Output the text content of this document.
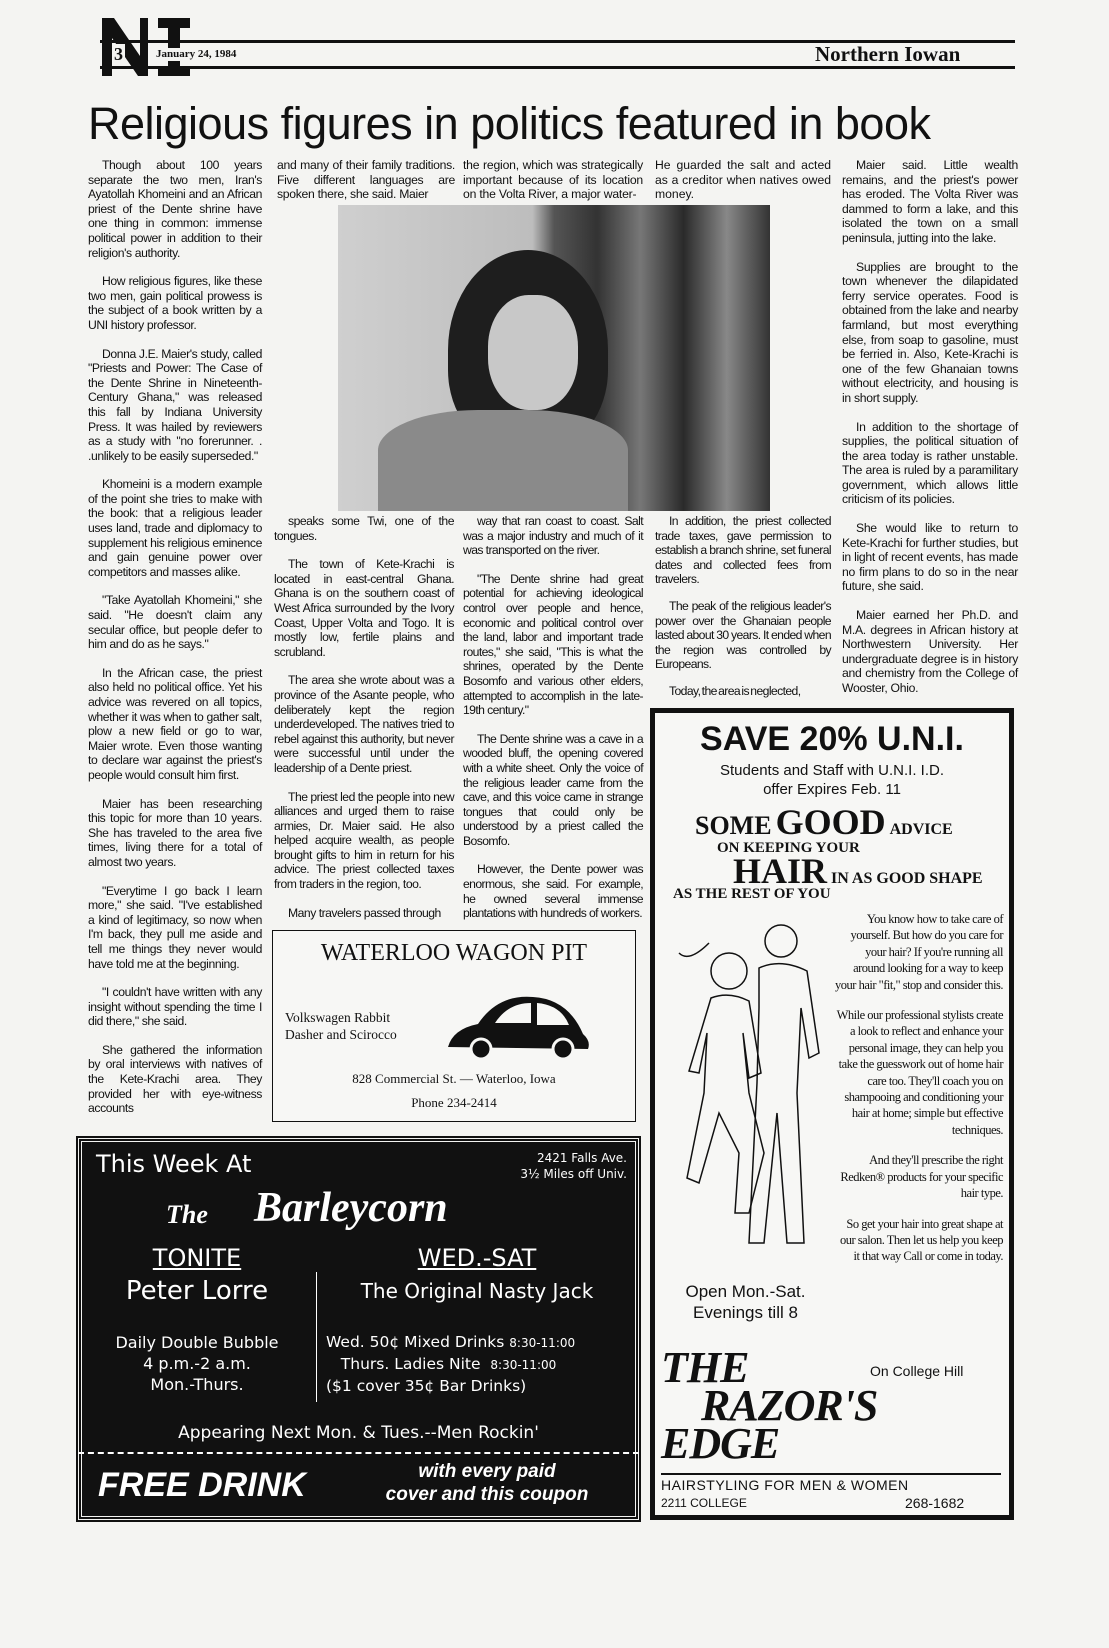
3	January 24, 1984	Northern Iowan
Religious figures in politics featured in book

Though about 100 years separate the two men, Iran's Ayatollah Khomeini and an African priest of the Dente shrine have one thing in common: immense political power in addition to their religion's authority.

How religious figures, like these two men, gain political prowess is the subject of a book written by a UNI history professor.

Donna J.E. Maier's study, called "Priests and Power: The Case of the Dente Shrine in Nineteenth-Century Ghana," was released this fall by Indiana University Press. It was hailed by reviewers as a study with "no forerunner. . .unlikely to be easily superseded."

Khomeini is a modern example of the point she tries to make with the book: that a religious leader uses land, trade and diplomacy to supplement his religious eminence and gain genuine power over competitors and masses alike.

"Take Ayatollah Khomeini," she said. "He doesn't claim any secular office, but people defer to him and do as he says."

In the African case, the priest also held no political office. Yet his advice was revered on all topics, whether it was when to gather salt, plow a new field or go to war, Maier wrote. Even those wanting to declare war against the priest's people would consult him first.

Maier has been researching this topic for more than 10 years. She has traveled to the area five times, living there for a total of almost two years.

"Everytime I go back I learn more," she said. "I've established a kind of legitimacy, so now when I'm back, they pull me aside and tell me things they never would have told me at the beginning.

"I couldn't have written with any insight without spending the time I did there," she said.

She gathered the information by oral interviews with natives of the Kete-Krachi area. They provided her with eye-witness accounts

and many of their family traditions. Five different languages are spoken there, she said. Maier

the region, which was strategically important because of its location on the Volta River, a major water-

He guarded the salt and acted as a creditor when natives owed money.

Maier said. Little wealth remains, and the priest's power has eroded. The Volta River was dammed to form a lake, and this isolated the town on a small peninsula, jutting into the lake.

Supplies are brought to the town whenever the dilapidated ferry service operates. Food is obtained from the lake and nearby farmland, but most everything else, from soap to gasoline, must be ferried in. Also, Kete-Krachi is one of the few Ghanaian towns without electricity, and housing is in short supply.

In addition to the shortage of supplies, the political situation of the area today is rather unstable. The area is ruled by a paramilitary government, which allows little criticism of its policies.

She would like to return to Kete-Krachi for further studies, but in light of recent events, has made no firm plans to do so in the near future, she said.

Maier earned her Ph.D. and M.A. degrees in African history at Northwestern University. Her undergraduate degree is in history and chemistry from the College of Wooster, Ohio.

speaks some Twi, one of the tongues.

The town of Kete-Krachi is located in east-central Ghana. Ghana is on the southern coast of West Africa surrounded by the Ivory Coast, Upper Volta and Togo. It is mostly low, fertile plains and scrubland.

The area she wrote about was a province of the Asante people, who deliberately kept the region underdeveloped. The natives tried to rebel against this authority, but never were successful until under the leadership of a Dente priest.

The priest led the people into new alliances and urged them to raise armies, Dr. Maier said. He also helped acquire wealth, as people brought gifts to him in return for his advice. The priest collected taxes from traders in the region, too.

Many travelers passed through

way that ran coast to coast. Salt was a major industry and much of it was transported on the river.

"The Dente shrine had great potential for achieving ideological control over people and hence, economic and political control over the land, labor and important trade routes," she said, "This is what the shrines, operated by the Dente Bosomfo and various other elders, attempted to accomplish in the late-19th century."

The Dente shrine was a cave in a wooded bluff, the opening covered with a white sheet. Only the voice of the religious leader came from the cave, and this voice came in strange tongues that could only be understood by a priest called the Bosomfo.

However, the Dente power was enormous, she said. For example, he owned several immense plantations with hundreds of workers.

In addition, the priest collected trade taxes, gave permission to establish a branch shrine, set funeral dates and collected fees from travelers.

The peak of the religious leader's power over the Ghanaian people lasted about 30 years. It ended when the region was controlled by Europeans.

Today, the area is neglected,

WATERLOO WAGON PIT
Volkswagen Rabbit
Dasher and Scirocco
828 Commercial St. — Waterloo, Iowa
Phone 234-2414
This Week At	2421 Falls Ave.
3½ Miles off Univ.
The Barleycorn
TONITE
Peter Lorre
Daily Double Bubble
4 p.m.-2 a.m.
Mon.-Thurs.
WED.-SAT
The Original Nasty Jack
Wed. 50¢ Mixed Drinks 8:30-11:00
Thurs. Ladies Nite 8:30-11:00
($1 cover 35¢ Bar Drinks)
Appearing Next Mon. & Tues.--Men Rockin'
FREE DRINK	with every paid
cover and this coupon
SAVE 20% U.N.I.
Students and Staff with U.N.I. I.D.
offer Expires Feb. 11
SOME GOOD ADVICE
ON KEEPING YOUR
HAIR IN AS GOOD SHAPE
AS THE REST OF YOU

You know how to take care of yourself. But how do you care for your hair? If you're running all around looking for a way to keep your hair "fit," stop and consider this.

While our professional stylists create a look to reflect and enhance your personal image, they can help you take the guesswork out of home hair care too. They'll coach you on shampooing and conditioning your hair at home; simple but effective techniques.

And they'll prescribe the right Redken® products for your specific hair type.

So get your hair into great shape at our salon. Then let us help you keep it that way Call or come in today.

Open Mon.-Sat.
Evenings till 8
On College Hill
THE
RAZOR'S
EDGE
HAIRSTYLING FOR MEN & WOMEN
2211 COLLEGE	268-1682
